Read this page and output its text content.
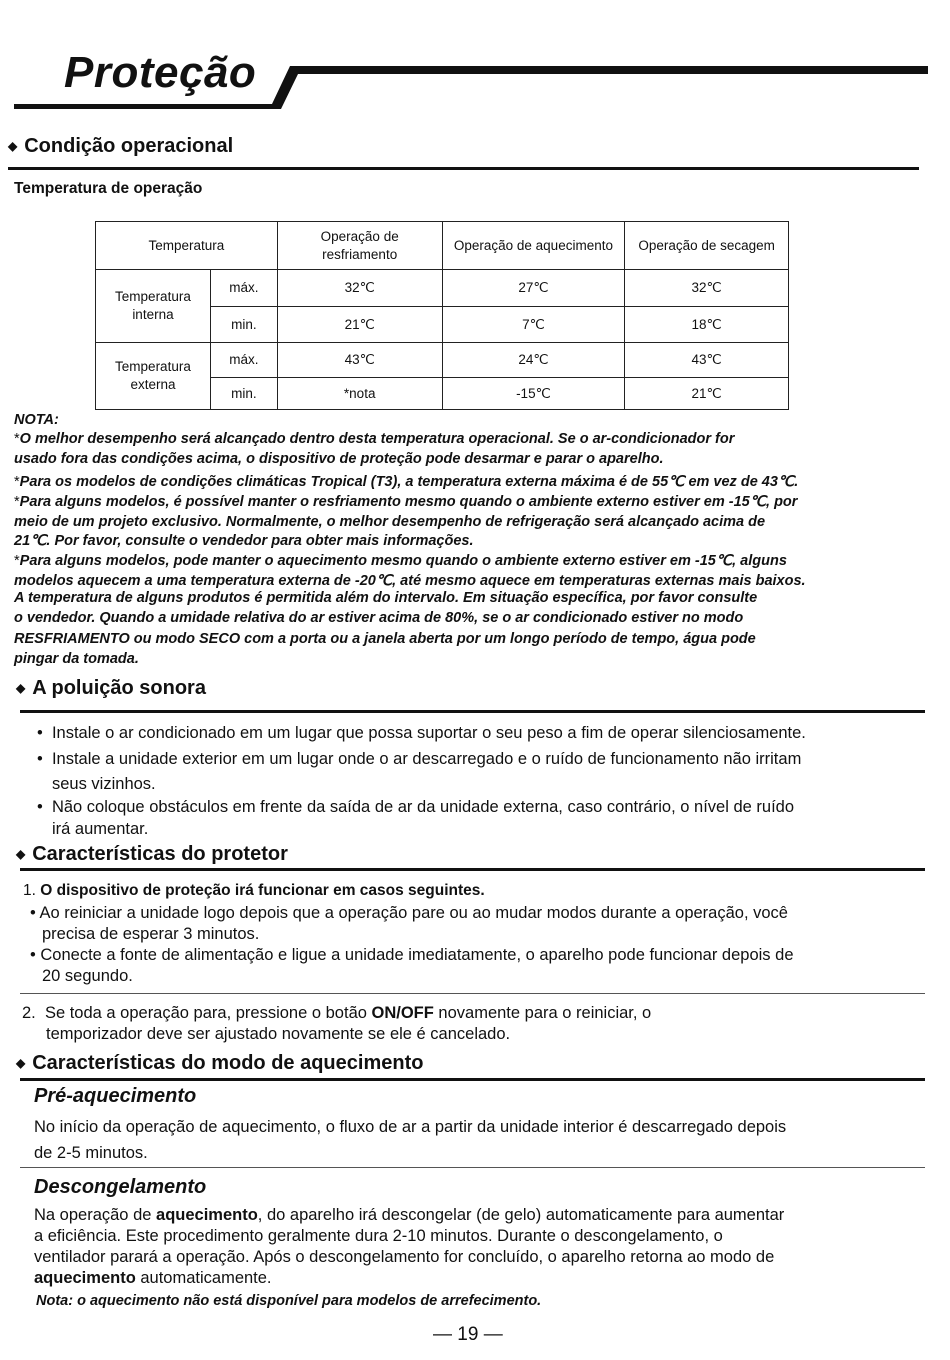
Proteção
◆ Condição operacional
Temperatura de operação
Temperatura		Operação de resfriamento	Operação de aquecimento	Operação de secagem
Temperatura interna	máx.	32℃	27℃	32℃
	min.	21℃	7℃	18℃
Temperatura externa	máx.	43℃	24℃	43℃
	min.	*nota	-15℃	21℃
NOTA:
*O melhor desempenho será alcançado dentro desta temperatura operacional. Se o ar-condicionador for
usado fora das condições acima, o dispositivo de proteção pode desarmar e parar o aparelho.
*Para os modelos de condições climáticas Tropical (T3), a temperatura externa máxima é de 55℃ em vez de 43℃.
*Para alguns modelos, é possível manter o resfriamento mesmo quando o ambiente externo estiver em -15℃, por
meio de um projeto exclusivo. Normalmente, o melhor desempenho de refrigeração será alcançado acima de
21℃. Por favor, consulte o vendedor para obter mais informações.
*Para alguns modelos, pode manter o aquecimento mesmo quando o ambiente externo estiver em -15℃, alguns
modelos aquecem a uma temperatura externa de -20℃, até mesmo aquece em temperaturas externas mais baixos.
A temperatura de alguns produtos é permitida além do intervalo. Em situação específica, por favor consulte
o vendedor. Quando a umidade relativa do ar estiver acima de 80%, se o ar condicionado estiver no modo
RESFRIAMENTO ou modo SECO com a porta ou a janela aberta por um longo período de tempo, água pode
pingar da tomada.
◆ A poluição sonora
•  Instale o ar condicionado em um lugar que possa suportar o seu peso a fim de operar silenciosamente.
•  Instale a unidade exterior em um lugar onde o ar descarregado e o ruído de funcionamento não irritam
seus vizinhos.
•  Não coloque obstáculos em frente da saída de ar da unidade externa, caso contrário, o nível de ruído
irá aumentar.
◆ Características do protetor
1. O dispositivo de proteção irá funcionar em casos seguintes.
• Ao reiniciar a unidade logo depois que a operação pare ou ao mudar modos durante a operação, você
precisa de esperar 3 minutos.
• Conecte a fonte de alimentação e ligue a unidade imediatamente, o aparelho pode funcionar depois de
20 segundo.
2. Se toda a operação para, pressione o botão ON/OFF novamente para o reiniciar, o
temporizador deve ser ajustado novamente se ele é cancelado.
◆ Características do modo de aquecimento
Pré-aquecimento
No início da operação de aquecimento, o fluxo de ar a partir da unidade interior é descarregado depois
de 2-5 minutos.
Descongelamento
Na operação de aquecimento, do aparelho irá descongelar (de gelo) automaticamente para aumentar
a eficiência. Este procedimento geralmente dura 2-10 minutos. Durante o descongelamento, o
ventilador parará a operação. Após o descongelamento for concluído, o aparelho retorna ao modo de
aquecimento automaticamente.
Nota: o aquecimento não está disponível para modelos de arrefecimento.
— 19 —
